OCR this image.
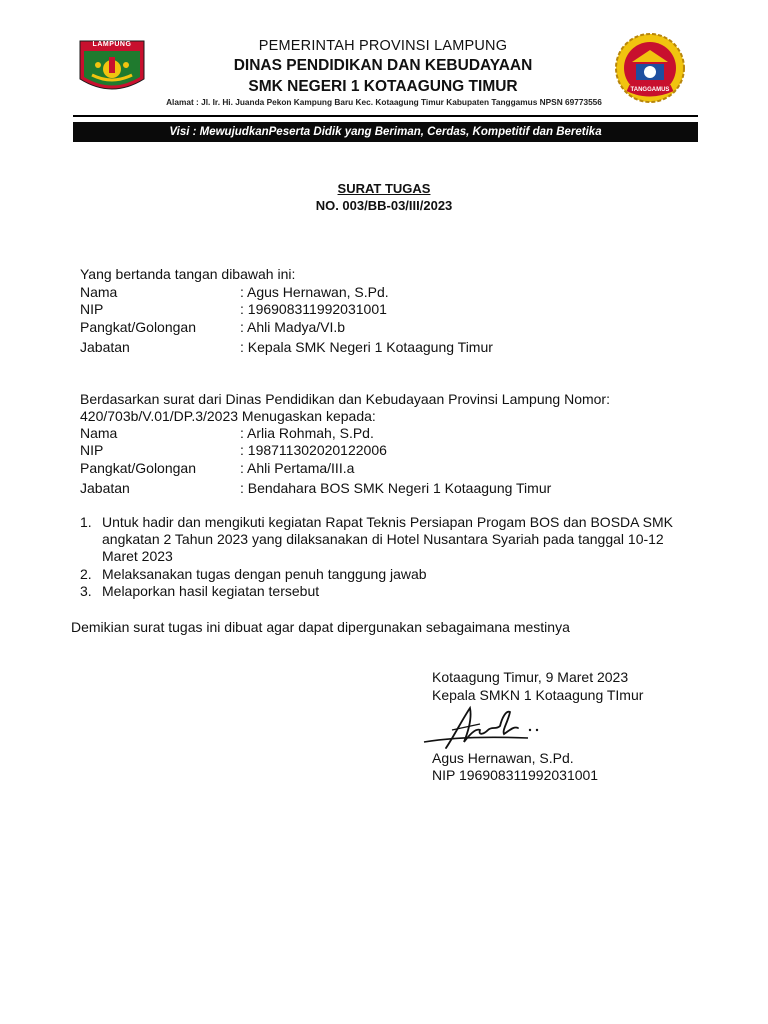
LAMPUNG
TANGGAMUS
PEMERINTAH PROVINSI LAMPUNG
DINAS PENDIDIKAN DAN KEBUDAYAAN
SMK NEGERI 1 KOTAAGUNG TIMUR
Alamat : Jl. Ir. Hi. Juanda Pekon Kampung Baru Kec. Kotaagung Timur Kabupaten Tanggamus NPSN 69773556
Visi : MewujudkanPeserta Didik yang Beriman, Cerdas, Kompetitif dan Beretika
SURAT TUGAS
NO. 003/BB-03/III/2023
Yang bertanda tangan dibawah ini:
Nama	: Agus Hernawan, S.Pd.
NIP	: 196908311992031001
Pangkat/Golongan	: Ahli Madya/VI.b
Jabatan	: Kepala SMK Negeri 1 Kotaagung Timur
Berdasarkan surat dari Dinas Pendidikan dan Kebudayaan Provinsi Lampung Nomor:
420/703b/V.01/DP.3/2023 Menugaskan kepada:
Nama	: Arlia Rohmah, S.Pd.
NIP	: 198711302020122006
Pangkat/Golongan	: Ahli Pertama/III.a
Jabatan	: Bendahara BOS SMK Negeri 1 Kotaagung Timur
1. Untuk hadir dan mengikuti kegiatan Rapat Teknis Persiapan Progam BOS dan BOSDA SMK angkatan 2 Tahun 2023 yang dilaksanakan di Hotel Nusantara Syariah pada tanggal 10-12 Maret 2023
2. Melaksanakan tugas dengan penuh tanggung jawab
3. Melaporkan hasil kegiatan tersebut
Demikian surat tugas ini dibuat agar dapat dipergunakan sebagaimana mestinya
Kotaagung Timur, 9 Maret 2023
Kepala SMKN 1 Kotaagung TImur
Agus Hernawan, S.Pd.
NIP 196908311992031001
